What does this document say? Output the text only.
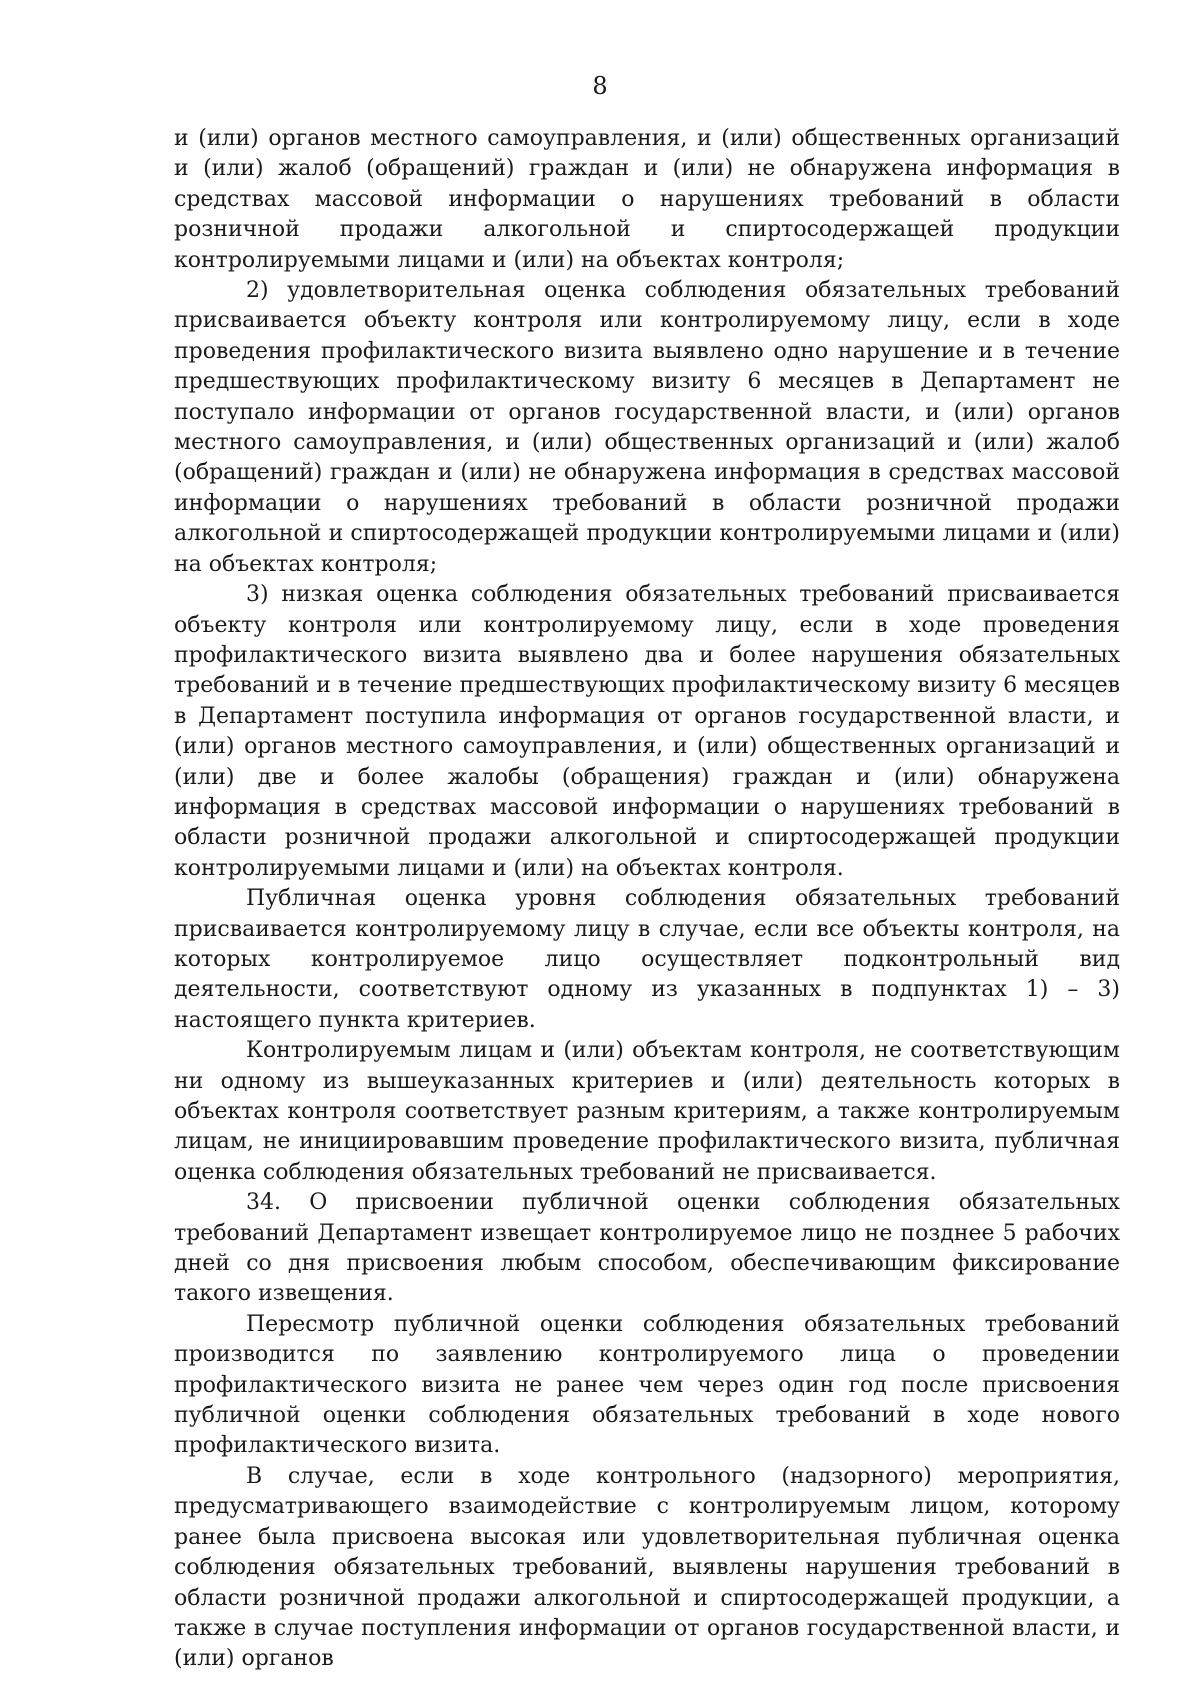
8

и (или) органов местного самоуправления, и (или) общественных организаций и (или) жалоб (обращений) граждан и (или) не обнаружена информация в средствах массовой информации о нарушениях требований в области розничной продажи алкогольной и спиртосодержащей продукции контролируемыми лицами и (или) на объектах контроля;

2) удовлетворительная оценка соблюдения обязательных требований присваивается объекту контроля или контролируемому лицу, если в ходе проведения профилактического визита выявлено одно нарушение и в течение предшествующих профилактическому визиту 6 месяцев в Департамент не поступало информации от органов государственной власти, и (или) органов местного самоуправления, и (или) общественных организаций и (или) жалоб (обращений) граждан и (или) не обнаружена информация в средствах массовой информации о нарушениях требований в области розничной продажи алкогольной и спиртосодержащей продукции контролируемыми лицами и (или) на объектах контроля;

3) низкая оценка соблюдения обязательных требований присваивается объекту контроля или контролируемому лицу, если в ходе проведения профилактического визита выявлено два и более нарушения обязательных требований и в течение предшествующих профилактическому визиту 6 месяцев в Департамент поступила информация от органов государственной власти, и (или) органов местного самоуправления, и (или) общественных организаций и (или) две и более жалобы (обращения) граждан и (или) обнаружена информация в средствах массовой информации о нарушениях требований в области розничной продажи алкогольной и спиртосодержащей продукции контролируемыми лицами и (или) на объектах контроля.

Публичная оценка уровня соблюдения обязательных требований присваивается контролируемому лицу в случае, если все объекты контроля, на которых контролируемое лицо осуществляет подконтрольный вид деятельности, соответствуют одному из указанных в подпунктах 1) – 3) настоящего пункта критериев.

Контролируемым лицам и (или) объектам контроля, не соответствующим ни одному из вышеуказанных критериев и (или) деятельность которых в объектах контроля соответствует разным критериям, а также контролируемым лицам, не инициировавшим проведение профилактического визита, публичная оценка соблюдения обязательных требований не присваивается.

34. О присвоении публичной оценки соблюдения обязательных требований Департамент извещает контролируемое лицо не позднее 5 рабочих дней со дня присвоения любым способом, обеспечивающим фиксирование такого извещения.

Пересмотр публичной оценки соблюдения обязательных требований производится по заявлению контролируемого лица о проведении профилактического визита не ранее чем через один год после присвоения публичной оценки соблюдения обязательных требований в ходе нового профилактического визита.

В случае, если в ходе контрольного (надзорного) мероприятия, предусматривающего взаимодействие с контролируемым лицом, которому ранее была присвоена высокая или удовлетворительная публичная оценка соблюдения обязательных требований, выявлены нарушения требований в области розничной продажи алкогольной и спиртосодержащей продукции, а также в случае поступления информации от органов государственной власти, и (или) органов
